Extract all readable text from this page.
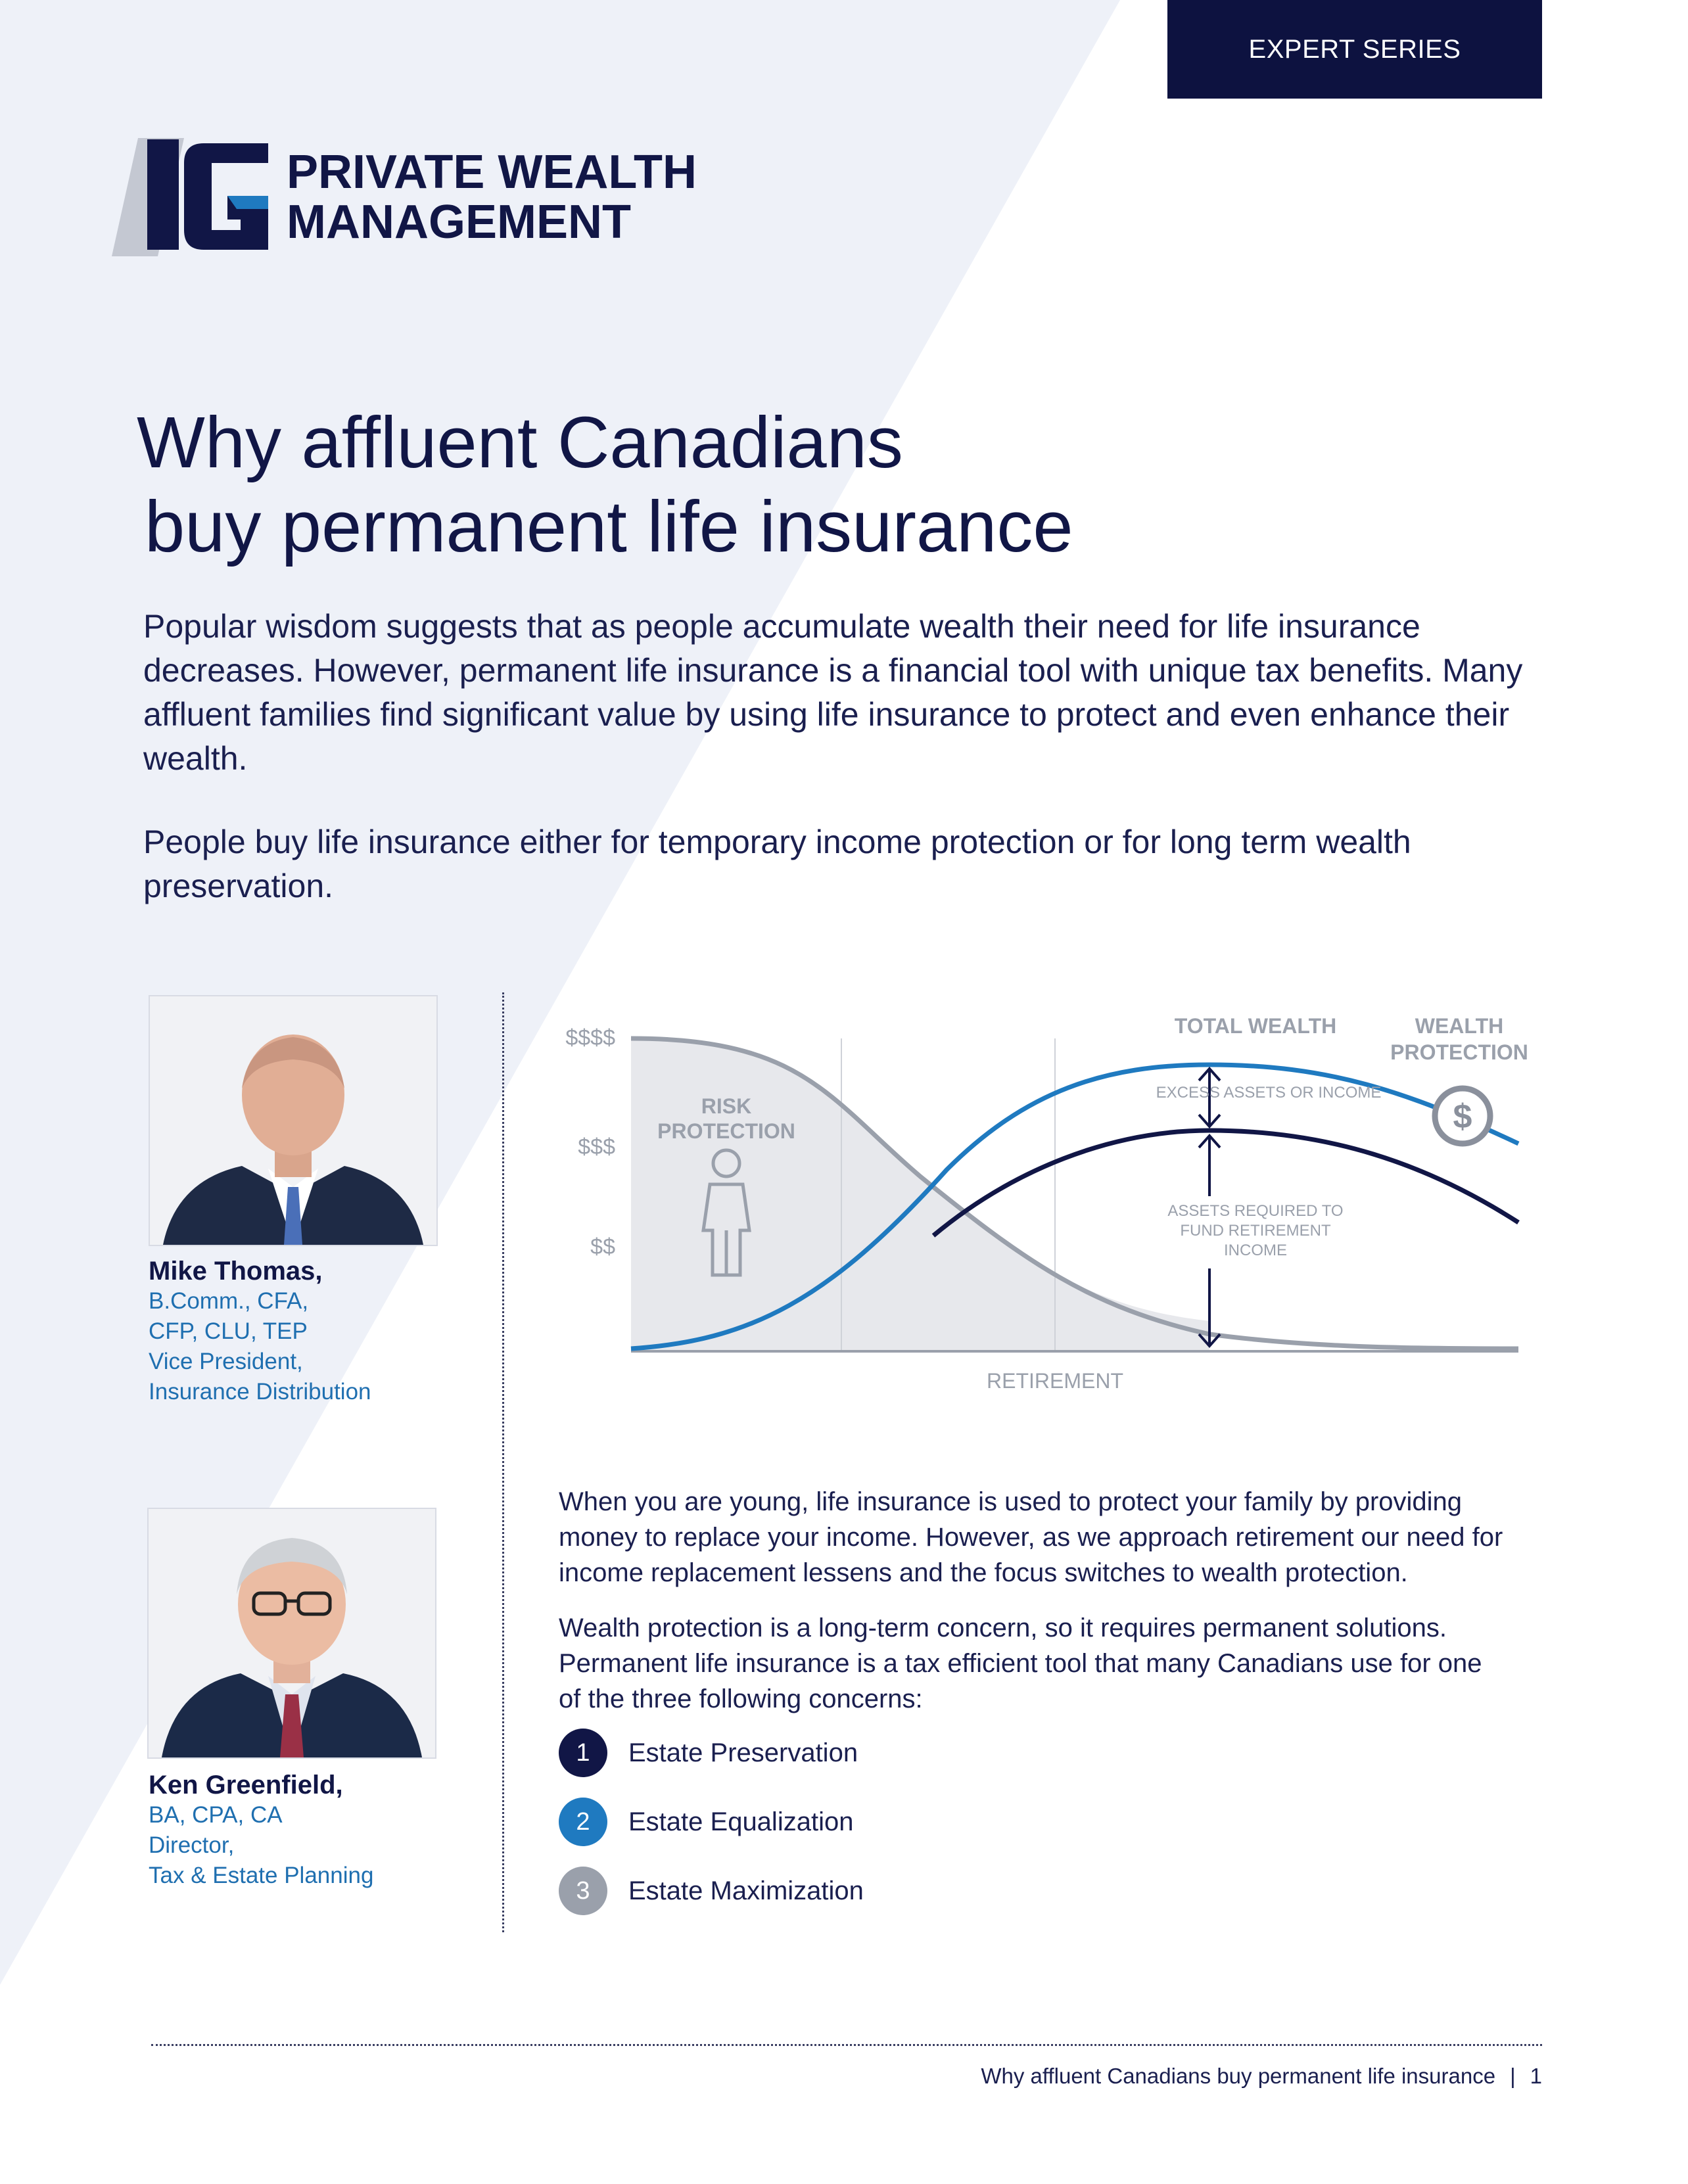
EXPERT SERIES
PRIVATE WEALTH
MANAGEMENT
Why affluent Canadians
buy permanent life insurance

Popular wisdom suggests that as people accumulate wealth their need for life insurance decreases. However, permanent life insurance is a financial tool with unique tax benefits. Many affluent families find significant value by using life insurance to protect and even enhance their wealth.

People buy life insurance either for temporary income protection or for long term wealth preservation.

Mike Thomas,
B.Comm., CFA,
CFP, CLU, TEP
Vice President,
Insurance Distribution
Ken Greenfield,
BA, CPA, CA
Director,
Tax & Estate Planning
$
$$$$
$$$
$$
RISK
PROTECTION
TOTAL WEALTH	WEALTH
PROTECTION
EXCESS ASSETS OR INCOME
ASSETS REQUIRED TO
FUND RETIREMENT
INCOME
RETIREMENT

When you are young, life insurance is used to protect your family by providing money to replace your income. However, as we approach retirement our need for income replacement lessens and the focus switches to wealth protection.

Wealth protection is a long-term concern, so it requires permanent solutions. Permanent life insurance is a tax efficient tool that many Canadians use for one of the three following concerns:

1	Estate Preservation
2	Estate Equalization
3	Estate Maximization
Why affluent Canadians buy permanent life insurance | 1
